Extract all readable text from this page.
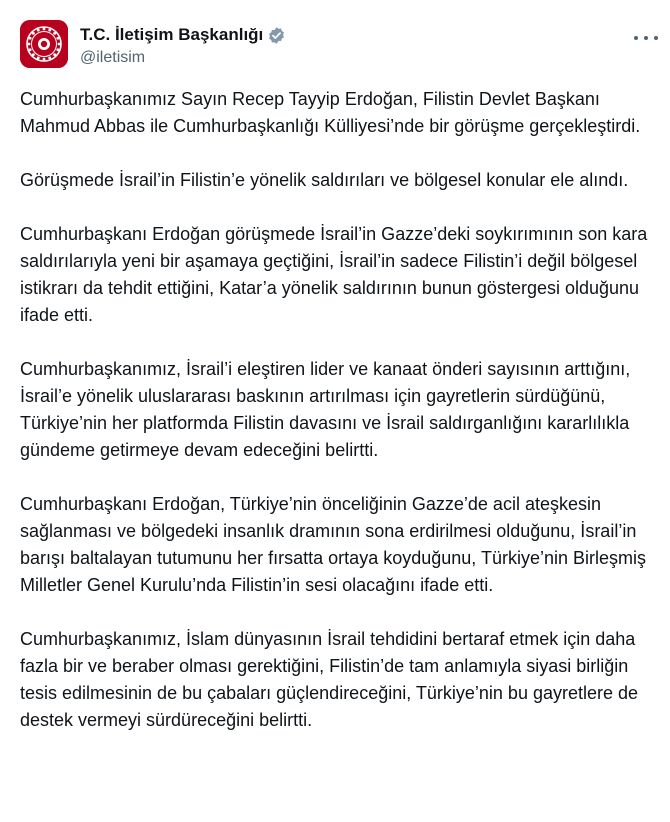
T.C. İletişim Başkanlığı
@iletisim

Cumhurbaşkanımız Sayın Recep Tayyip Erdoğan, Filistin Devlet Başkanı Mahmud Abbas ile Cumhurbaşkanlığı Külliyesi’nde bir görüşme gerçekleştirdi.

Görüşmede İsrail’in Filistin’e yönelik saldırıları ve bölgesel konular ele alındı.

Cumhurbaşkanı Erdoğan görüşmede İsrail’in Gazze’deki soykırımının son kara saldırılarıyla yeni bir aşamaya geçtiğini, İsrail’in sadece Filistin’i değil bölgesel istikrarı da tehdit ettiğini, Katar’a yönelik saldırının bunun göstergesi olduğunu ifade etti.

Cumhurbaşkanımız, İsrail’i eleştiren lider ve kanaat önderi sayısının arttığını, İsrail’e yönelik uluslararası baskının artırılması için gayretlerin sürdüğünü, Türkiye’nin her platformda Filistin davasını ve İsrail saldırganlığını kararlılıkla gündeme getirmeye devam edeceğini belirtti.

Cumhurbaşkanı Erdoğan, Türkiye’nin önceliğinin Gazze’de acil ateşkesin sağlanması ve bölgedeki insanlık dramının sona erdirilmesi olduğunu, İsrail’in barışı baltalayan tutumunu her fırsatta ortaya koyduğunu, Türkiye’nin Birleşmiş Milletler Genel Kurulu’nda Filistin’in sesi olacağını ifade etti.

Cumhurbaşkanımız, İslam dünyasının İsrail tehdidini bertaraf etmek için daha fazla bir ve beraber olması gerektiğini, Filistin’de tam anlamıyla siyasi birliğin tesis edilmesinin de bu çabaları güçlendireceğini, Türkiye’nin bu gayretlere de destek vermeyi sürdüreceğini belirtti.
